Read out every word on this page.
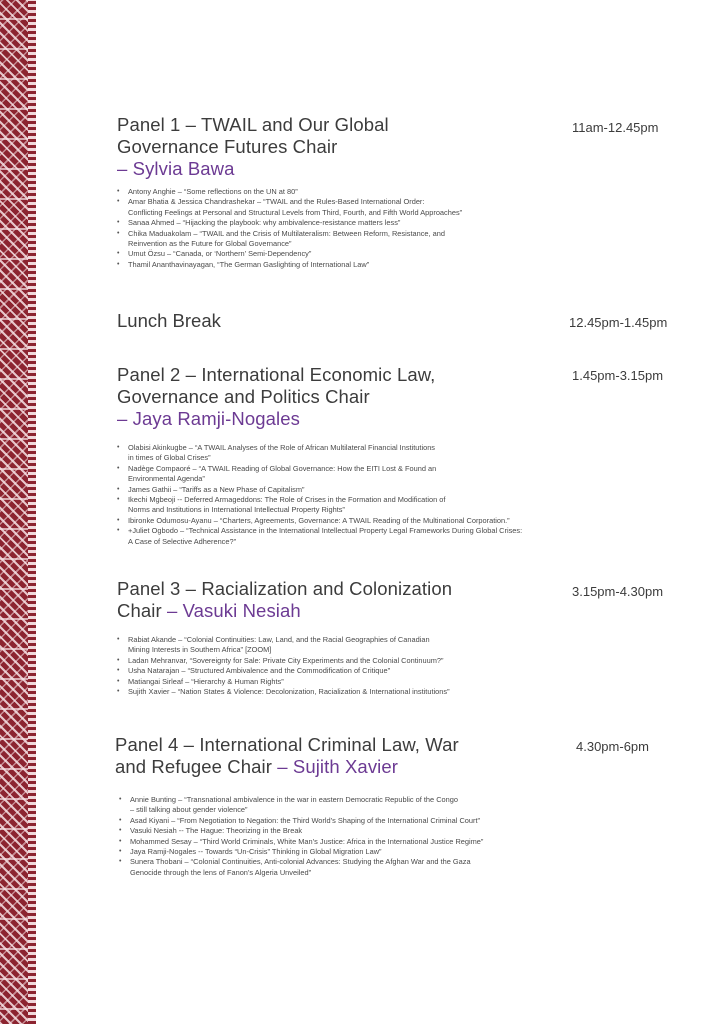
Panel 1 – TWAIL and Our Global
Governance Futures Chair
– Sylvia Bawa
11am-12.45pm
• Antony Anghie – “Some reflections on the UN at 80”
• Amar Bhatia & Jessica Chandrashekar – “TWAIL and the Rules-Based International Order:
Conflicting Feelings at Personal and Structural Levels from Third, Fourth, and Fifth World Approaches”
• Sanaa Ahmed – “Hijacking the playbook: why ambivalence-resistance matters less”
• Chika Maduakolam – “TWAIL and the Crisis of Multilateralism: Between Reform, Resistance, and
Reinvention as the Future for Global Governance”
• Umut Özsu – “Canada, or ‘Northern’ Semi-Dependency”
• Thamil Ananthavinayagan, “The German Gaslighting of International Law”
Lunch Break	12.45pm-1.45pm
Panel 2 – International Economic Law,
Governance and Politics Chair
– Jaya Ramji-Nogales
1.45pm-3.15pm
• Olabisi Akinkugbe – “A TWAIL Analyses of the Role of African Multilateral Financial Institutions
in times of Global Crises”
• Nadège Compaoré – “A TWAIL Reading of Global Governance: How the EITI Lost & Found an
Environmental Agenda”
• James Gathii – “Tariffs as a New Phase of Capitalism”
• Ikechi Mgbeoji -- Deferred Armageddons: The Role of Crises in the Formation and Modification of
Norms and Institutions in International Intellectual Property Rights”
• Ibironke Odumosu-Ayanu – “Charters, Agreements, Governance: A TWAIL Reading of the Multinational Corporation.”
• +Juliet Ogbodo – “Technical Assistance in the International Intellectual Property Legal Frameworks During Global Crises:
A Case of Selective Adherence?”
Panel 3 – Racialization and Colonization
Chair – Vasuki Nesiah
3.15pm-4.30pm
• Rabiat Akande – “Colonial Continuities: Law, Land, and the Racial Geographies of Canadian
Mining Interests in Southern Africa” [ZOOM]
• Ladan Mehranvar, “Sovereignty for Sale: Private City Experiments and the Colonial Continuum?”
• Usha Natarajan – “Structured Ambivalence and the Commodification of Critique”
• Matiangai Sirleaf – “Hierarchy & Human Rights”
• Sujith Xavier – “Nation States & Violence: Decolonization, Racialization & International institutions”
Panel 4 – International Criminal Law, War
and Refugee Chair – Sujith Xavier
4.30pm-6pm
• Annie Bunting – “Transnational ambivalence in the war in eastern Democratic Republic of the Congo
– still talking about gender violence”
• Asad Kiyani – “From Negotiation to Negation: the Third World’s Shaping of the International Criminal Court”
• Vasuki Nesiah -- The Hague: Theorizing in the Break
• Mohammed Sesay – “Third World Criminals, White Man’s Justice: Africa in the International Justice Regime”
• Jaya Ramji-Nogales -- Towards “Un-Crisis” Thinking in Global Migration Law”
• Sunera Thobani – “Colonial Continuities, Anti-colonial Advances: Studying the Afghan War and the Gaza
Genocide through the lens of Fanon’s Algeria Unveiled”
